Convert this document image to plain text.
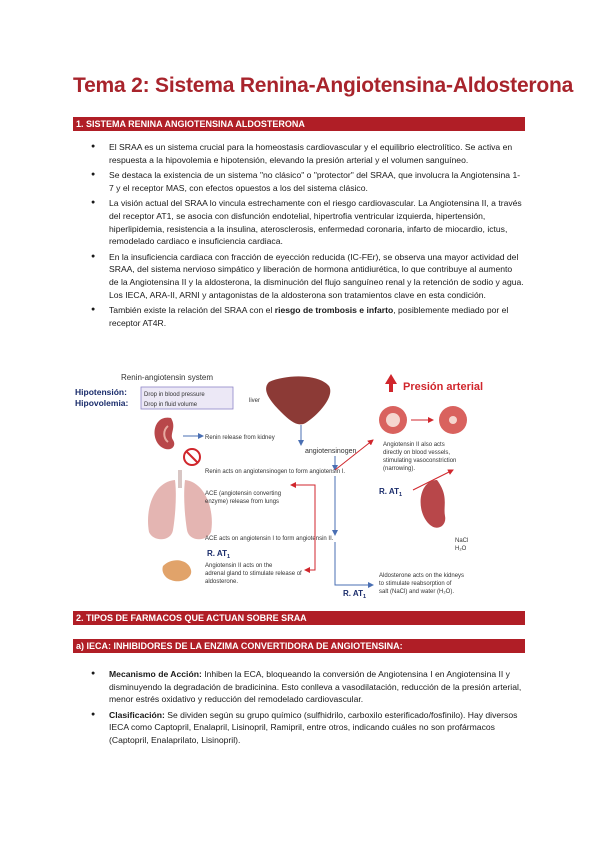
Tema 2: Sistema Renina-Angiotensina-Aldosterona
1. SISTEMA RENINA ANGIOTENSINA ALDOSTERONA
● El SRAA es un sistema crucial para la homeostasis cardiovascular y el equilibrio electrolítico. Se activa en respuesta a la hipovolemia e hipotensión, elevando la presión arterial y el volumen sanguíneo.
● Se destaca la existencia de un sistema "no clásico" o "protector" del SRAA, que involucra la Angiotensina 1-7 y el receptor MAS, con efectos opuestos a los del sistema clásico.
● La visión actual del SRAA lo vincula estrechamente con el riesgo cardiovascular. La Angiotensina II, a través del receptor AT1, se asocia con disfunción endotelial, hipertrofia ventricular izquierda, hipertensión, hiperlipidemia, resistencia a la insulina, aterosclerosis, enfermedad coronaria, infarto de miocardio, ictus, remodelado cardiaco e insuficiencia cardiaca.
● En la insuficiencia cardiaca con fracción de eyección reducida (IC-FEr), se observa una mayor actividad del SRAA, del sistema nervioso simpático y liberación de hormona antidiurética, lo que contribuye al aumento de la Angiotensina II y la aldosterona, la disminución del flujo sanguíneo renal y la retención de sodio y agua. Los IECA, ARA-II, ARNI y antagonistas de la aldosterona son tratamientos clave en esta condición.
● También existe la relación del SRAA con el riesgo de trombosis e infarto, posiblemente mediado por el receptor AT4R.
Renin-angiotensin system
Hipotensión:
Hipovolemia:
Drop in blood pressure
Drop in fluid volume
Renin release from kidney
Renin acts on angiotensinogen to form angiotensin I.
ACE (angiotensin converting
enzyme) release from lungs
ACE acts on angiotensin I to form angiotensin II.
R. $AT_1$
Angiotensin II acts on the
adrenal gland to stimulate release of
aldosterone.
liver
angiotensinogen
R. $AT_1$
R. $AT_1$
Presión arterial
Angiotensin II also acts
directly on blood vessels,
stimulating vasoconstriction
(narrowing).
NaCl
H₂O
Aldosterone acts on the kidneys
to stimulate reabsorption of
salt (NaCl) and water (H₂O).
2. TIPOS DE FARMACOS QUE ACTUAN SOBRE SRAA
a) IECA: INHIBIDORES DE LA ENZIMA CONVERTIDORA DE ANGIOTENSINA:
● Mecanismo de Acción: Inhiben la ECA, bloqueando la conversión de Angiotensina I en Angiotensina II y disminuyendo la degradación de bradicinina. Esto conlleva a vasodilatación, reducción de la presión arterial, menor estrés oxidativo y reducción del remodelado cardiovascular.
● Clasificación: Se dividen según su grupo químico (sulfhidrilo, carboxilo esterificado/fosfinilo). Hay diversos IECA como Captopril, Enalapril, Lisinopril, Ramipril, entre otros, indicando cuáles no son profármacos (Captopril, Enalaprilato, Lisinopril).
